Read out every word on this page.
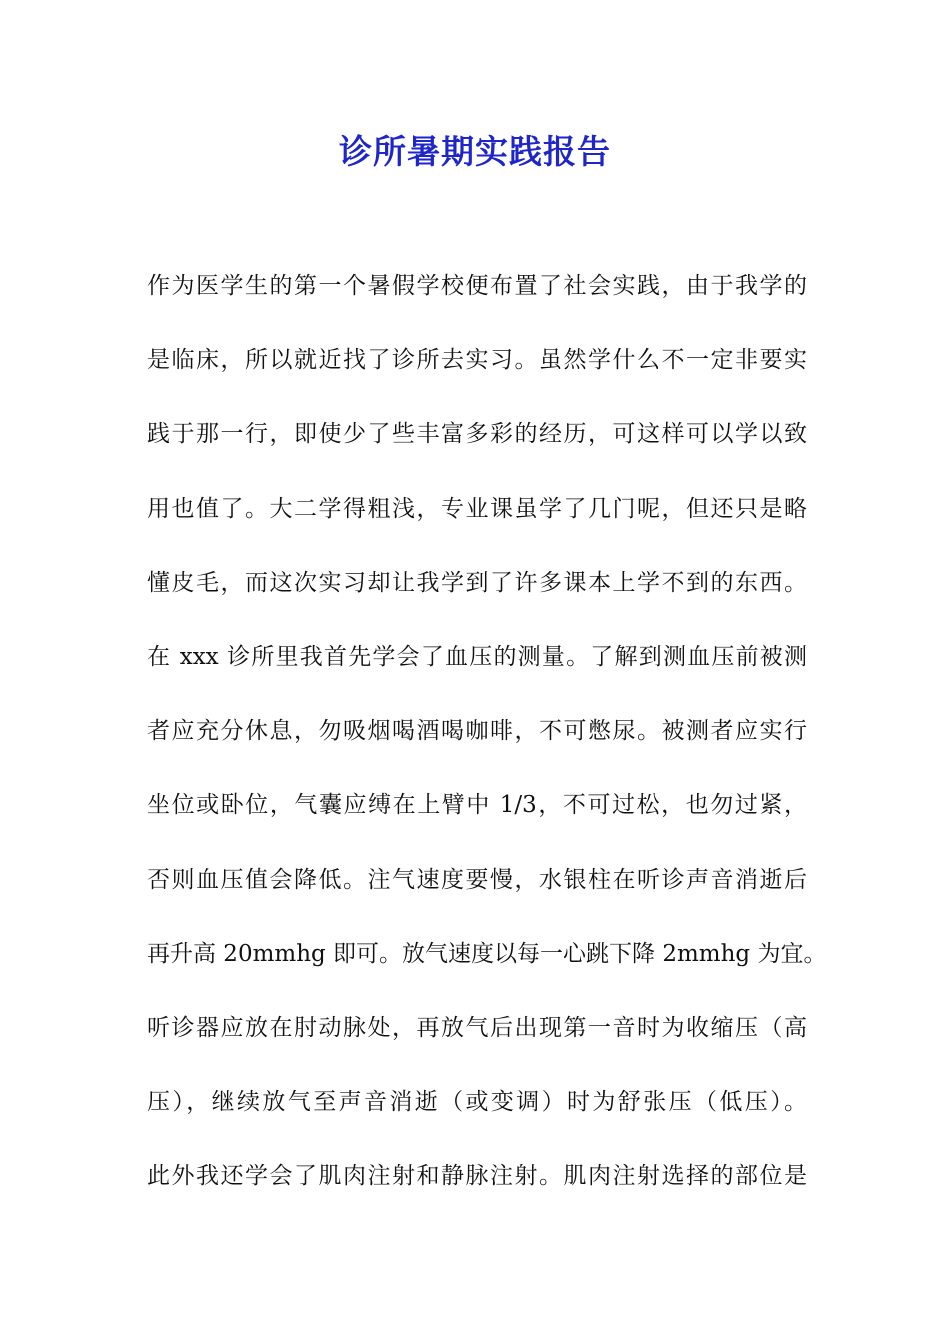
诊所暑期实践报告
作为医学生的第一个暑假学校便布置了社会实践，由于我学的
是临床，所以就近找了诊所去实习。虽然学什么不一定非要实
践于那一行，即使少了些丰富多彩的经历，可这样可以学以致
用也值了。大二学得粗浅，专业课虽学了几门呢，但还只是略
懂皮毛，而这次实习却让我学到了许多课本上学不到的东西。
在 xxx 诊所里我首先学会了血压的测量。了解到测血压前被测
者应充分休息，勿吸烟喝酒喝咖啡，不可憋尿。被测者应实行
坐位或卧位，气囊应缚在上臂中 1/3，不可过松，也勿过紧，
否则血压值会降低。注气速度要慢，水银柱在听诊声音消逝后
再升高 20mmhg 即可。放气速度以每一心跳下降 2mmhg 为宜。
听诊器应放在肘动脉处，再放气后出现第一音时为收缩压（高
压），继续放气至声音消逝（或变调）时为舒张压（低压）。
此外我还学会了肌肉注射和静脉注射。肌肉注射选择的部位是
